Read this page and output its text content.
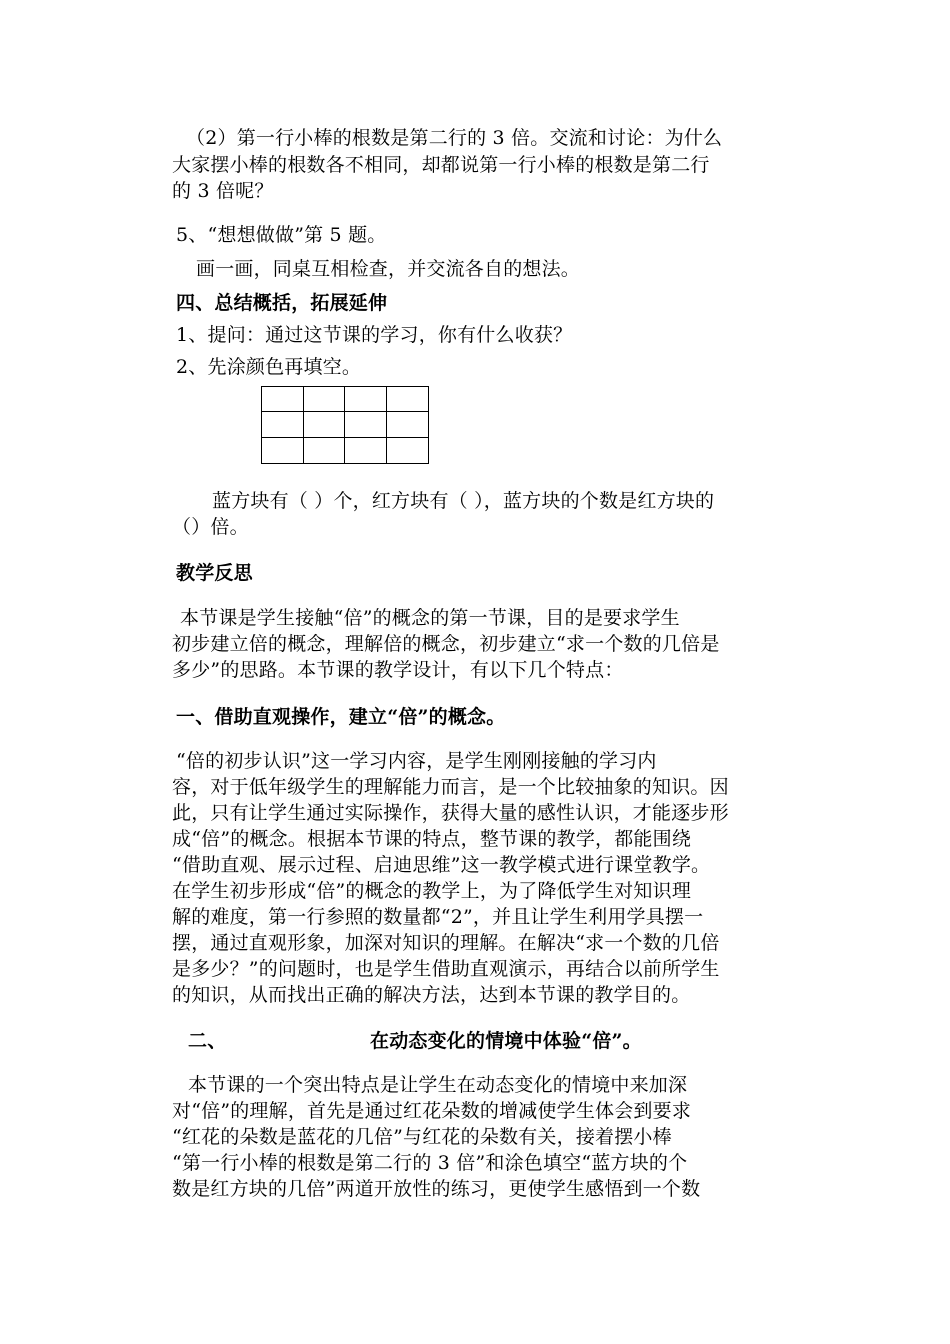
（2）第一行小棒的根数是第二行的 3 倍。交流和讨论：为什么
大家摆小棒的根数各不相同，却都说第一行小棒的根数是第二行
的 3 倍呢？
5、“想想做做”第 5 题。
画一画，同桌互相检查，并交流各自的想法。
四、总结概括，拓展延伸
1、提问：通过这节课的学习，你有什么收获？
2、先涂颜色再填空。
蓝方块有（ ）个，红方块有（ ），蓝方块的个数是红方块的
（）倍。
教学反思
本节课是学生接触“倍”的概念的第一节课，目的是要求学生
初步建立倍的概念，理解倍的概念，初步建立“求一个数的几倍是
多少”的思路。本节课的教学设计，有以下几个特点：
一、借助直观操作，建立“倍”的概念。
“倍的初步认识”这一学习内容，是学生刚刚接触的学习内
容，对于低年级学生的理解能力而言，是一个比较抽象的知识。因
此，只有让学生通过实际操作，获得大量的感性认识，才能逐步形
成“倍”的概念。根据本节课的特点，整节课的教学，都能围绕
“借助直观、展示过程、启迪思维”这一教学模式进行课堂教学。
在学生初步形成“倍”的概念的教学上，为了降低学生对知识理
解的难度，第一行参照的数量都“2”，并且让学生利用学具摆一
摆，通过直观形象，加深对知识的理解。在解决“求一个数的几倍
是多少？”的问题时，也是学生借助直观演示，再结合以前所学生
的知识，从而找出正确的解决方法，达到本节课的教学目的。
二、	在动态变化的情境中体验“倍”。
本节课的一个突出特点是让学生在动态变化的情境中来加深
对“倍”的理解，首先是通过红花朵数的增减使学生体会到要求
“红花的朵数是蓝花的几倍”与红花的朵数有关，接着摆小棒
“第一行小棒的根数是第二行的 3 倍”和涂色填空“蓝方块的个
数是红方块的几倍”两道开放性的练习，更使学生感悟到一个数
